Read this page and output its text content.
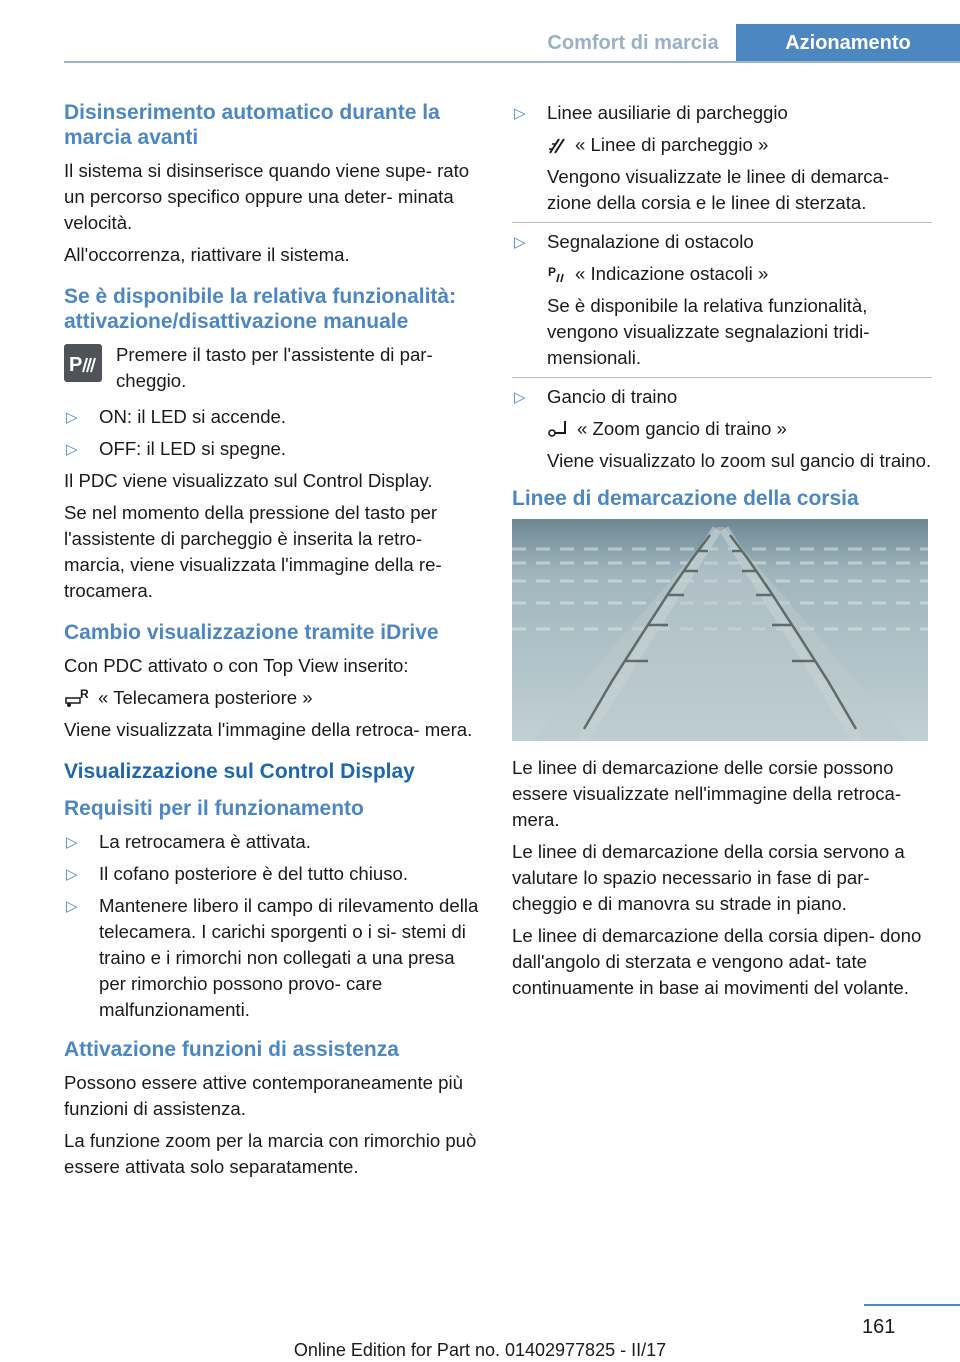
Comfort di marcia	Azionamento
Disinserimento automatico durante la marcia avanti

Il sistema si disinserisce quando viene supe- rato un percorso specifico oppure una deter- minata velocità.

All'occorrenza, riattivare il sistema.

Se è disponibile la relativa funzionalità: attivazione/disattivazione manuale
P Premere il tasto per l'assistente di par- cheggio.
▷ ON: il LED si accende.
▷ OFF: il LED si spegne.

Il PDC viene visualizzato sul Control Display.

Se nel momento della pressione del tasto per l'assistente di parcheggio è inserita la retro- marcia, viene visualizzata l'immagine della re- trocamera.

Cambio visualizzazione tramite iDrive

Con PDC attivato o con Top View inserito:

R « Telecamera posteriore »

Viene visualizzata l'immagine della retroca- mera.

Visualizzazione sul Control Display
Requisiti per il funzionamento
▷ La retrocamera è attivata.
▷ Il cofano posteriore è del tutto chiuso.
▷ Mantenere libero il campo di rilevamento della telecamera. I carichi sporgenti o i si- stemi di traino e i rimorchi non collegati a una presa per rimorchio possono provo- care malfunzionamenti.
Attivazione funzioni di assistenza

Possono essere attive contemporaneamente più funzioni di assistenza.

La funzione zoom per la marcia con rimorchio può essere attivata solo separatamente.

▷ Linee ausiliarie di parcheggio
« Linee di parcheggio »
Vengono visualizzate le linee di demarca- zione della corsia e le linee di sterzata.
▷ Segnalazione di ostacolo
P « Indicazione ostacoli »
Se è disponibile la relativa funzionalità, vengono visualizzate segnalazioni tridi- mensionali.
▷ Gancio di traino
« Zoom gancio di traino »
Viene visualizzato lo zoom sul gancio di traino.
Linee di demarcazione della corsia

Le linee di demarcazione delle corsie possono essere visualizzate nell'immagine della retroca- mera.

Le linee di demarcazione della corsia servono a valutare lo spazio necessario in fase di par- cheggio e di manovra su strade in piano.

Le linee di demarcazione della corsia dipen- dono dall'angolo di sterzata e vengono adat- tate continuamente in base ai movimenti del volante.

161
Online Edition for Part no. 01402977825 - II/17
